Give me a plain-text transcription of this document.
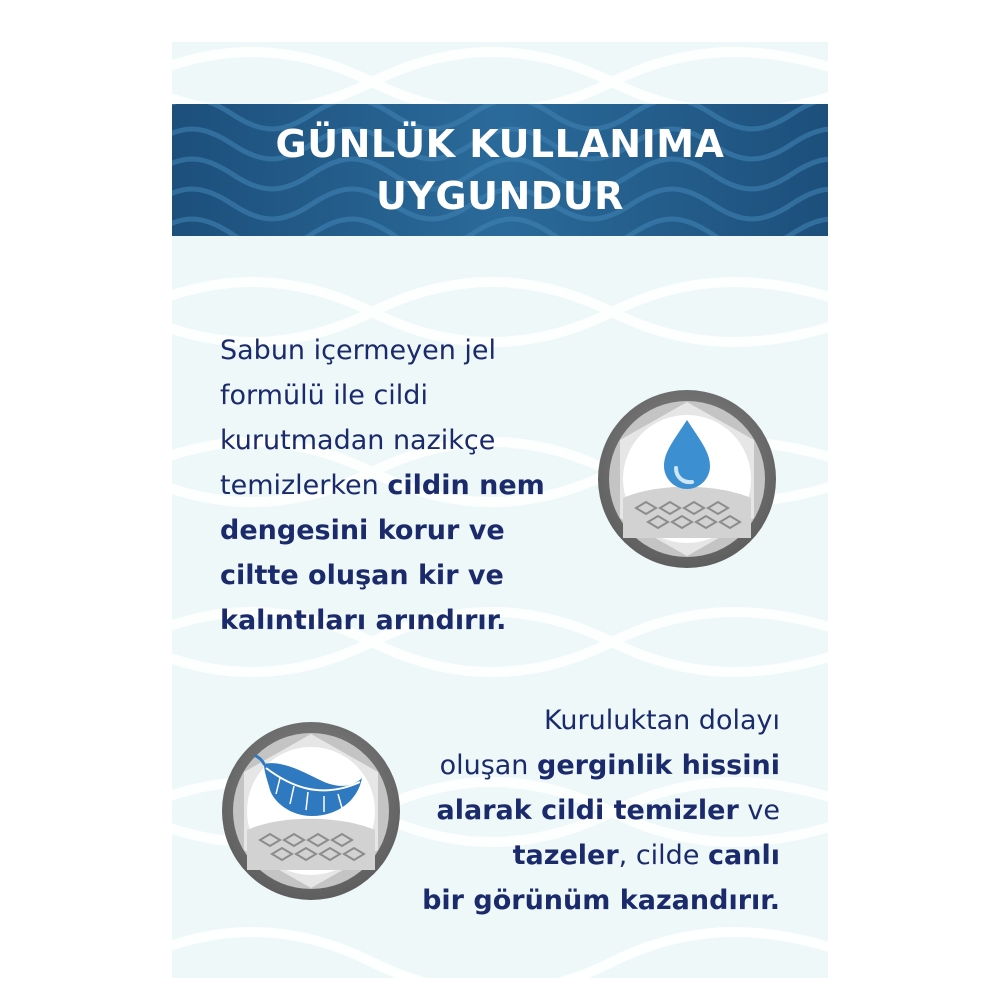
GÜNLÜK KULLANIMA
UYGUNDUR
Sabun içermeyen jel
formülü ile cildi
kurutmadan nazikçe
temizlerken cildin nem
dengesini korur ve
ciltte oluşan kir ve
kalıntıları arındırır.
Kuruluktan dolayı
oluşan gerginlik hissini
alarak cildi temizler ve
tazeler, cilde canlı
bir görünüm kazandırır.
